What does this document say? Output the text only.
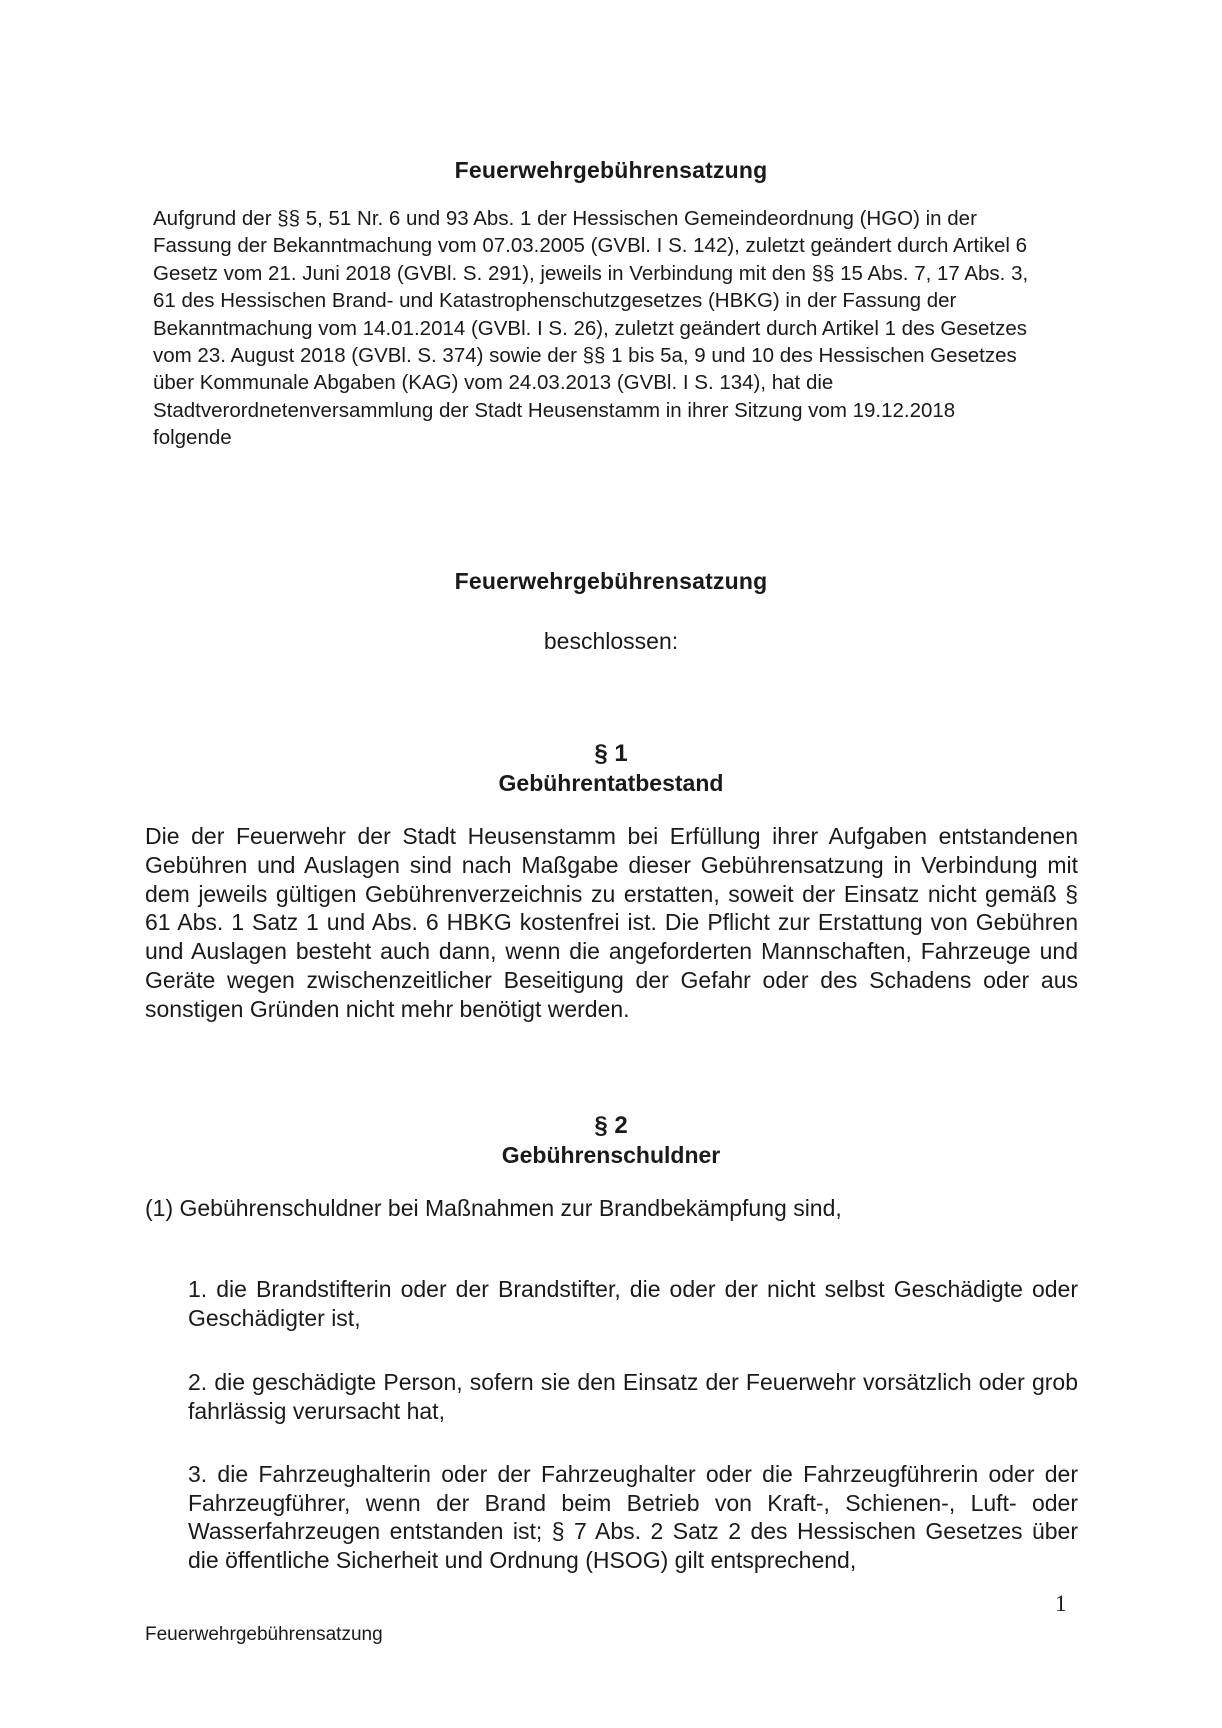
Feuerwehrgebührensatzung
Aufgrund der §§ 5, 51 Nr. 6 und 93 Abs. 1 der Hessischen Gemeindeordnung (HGO) in der Fassung der Bekanntmachung vom 07.03.2005 (GVBl. I S. 142), zuletzt geändert durch Artikel 6 Gesetz vom 21. Juni 2018 (GVBl. S. 291), jeweils in Verbindung mit den §§ 15 Abs. 7, 17 Abs. 3, 61 des Hessischen Brand- und Katastrophenschutzgesetzes (HBKG) in der Fassung der Bekanntmachung vom 14.01.2014 (GVBl. I S. 26), zuletzt geändert durch Artikel 1 des Gesetzes vom 23. August 2018 (GVBl. S. 374) sowie der §§ 1 bis 5a, 9 und 10 des Hessischen Gesetzes über Kommunale Abgaben (KAG) vom 24.03.2013 (GVBl. I S. 134), hat die Stadtverordnetenversammlung der Stadt Heusenstamm in ihrer Sitzung vom 19.12.2018 folgende
Feuerwehrgebührensatzung
beschlossen:
§ 1
Gebührentatbestand
Die der Feuerwehr der Stadt Heusenstamm bei Erfüllung ihrer Aufgaben entstandenen Gebühren und Auslagen sind nach Maßgabe dieser Gebührensatzung in Verbindung mit dem jeweils gültigen Gebührenverzeichnis zu erstatten, soweit der Einsatz nicht gemäß § 61 Abs. 1 Satz 1 und Abs. 6 HBKG kostenfrei ist. Die Pflicht zur Erstattung von Gebühren und Auslagen besteht auch dann, wenn die angeforderten Mannschaften, Fahrzeuge und Geräte wegen zwischenzeitlicher Beseitigung der Gefahr oder des Schadens oder aus sonstigen Gründen nicht mehr benötigt werden.
§ 2
Gebührenschuldner
(1) Gebührenschuldner bei Maßnahmen zur Brandbekämpfung sind,
1. die Brandstifterin oder der Brandstifter, die oder der nicht selbst Geschädigte oder Geschädigter ist,
2. die geschädigte Person, sofern sie den Einsatz der Feuerwehr vorsätzlich oder grob fahrlässig verursacht hat,
3. die Fahrzeughalterin oder der Fahrzeughalter oder die Fahrzeugführerin oder der Fahrzeugführer, wenn der Brand beim Betrieb von Kraft-, Schienen-, Luft- oder Wasserfahrzeugen entstanden ist; § 7 Abs. 2 Satz 2 des Hessischen Gesetzes über die öffentliche Sicherheit und Ordnung (HSOG) gilt entsprechend,
1
Feuerwehrgebührensatzung
